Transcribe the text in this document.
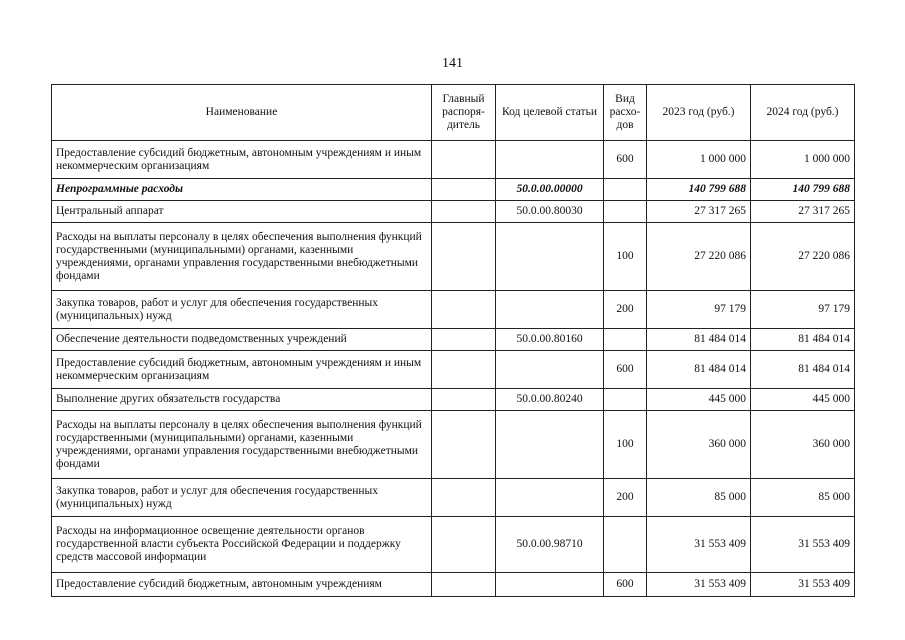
141
Наименование	Главный распоря-дитель	Код целевой статьи	Вид расхо-дов	2023 год (руб.)	2024 год (руб.)
Предоставление субсидий бюджетным, автономным учреждениям и иным некоммерческим организациям			600	1 000 000	1 000 000
Непрограммные расходы		50.0.00.00000		140 799 688	140 799 688
Центральный аппарат		50.0.00.80030		27 317 265	27 317 265
Расходы на выплаты персоналу в целях обеспечения выполнения функций государственными (муниципальными) органами, казенными учреждениями, органами управления государственными внебюджетными фондами			100	27 220 086	27 220 086
Закупка товаров, работ и услуг для обеспечения государственных (муниципальных) нужд			200	97 179	97 179
Обеспечение деятельности подведомственных учреждений		50.0.00.80160		81 484 014	81 484 014
Предоставление субсидий бюджетным, автономным учреждениям и иным некоммерческим организациям			600	81 484 014	81 484 014
Выполнение других обязательств государства		50.0.00.80240		445 000	445 000
Расходы на выплаты персоналу в целях обеспечения выполнения функций государственными (муниципальными) органами, казенными учреждениями, органами управления государственными внебюджетными фондами			100	360 000	360 000
Закупка товаров, работ и услуг для обеспечения государственных (муниципальных) нужд			200	85 000	85 000
Расходы на информационное освещение деятельности органов государственной власти субъекта Российской Федерации и поддержку средств массовой информации		50.0.00.98710		31 553 409	31 553 409
Предоставление субсидий бюджетным, автономным учреждениям			600	31 553 409	31 553 409
